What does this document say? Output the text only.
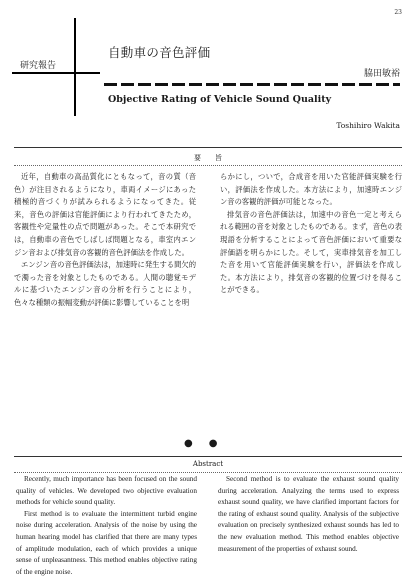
23
研究報告
自動車の音色評価
脇田敏裕
Objective Rating of Vehicle Sound Quality
Toshihiro Wakita
要　　旨

近年，自動車の高品質化にともなって，音の質（音色）が注目されるようになり，車両イメージにあった積極的音づくりが試みられるようになってきた。従来，音色の評価は官能評価により行われてきたため，客観性や定量性の点で問題があった。そこで本研究では，自動車の音色でしばしば問題となる，車室内エンジン音および排気音の客観的音色評価法を作成した。

エンジン音の音色評価法は，加速時に発生する間欠的で濁った音を対象としたものである。人間の聴覚モデルに基づいたエンジン音の分析を行うことにより，色々な種類の振幅変動が評価に影響していることを明

らかにし，ついで，合成音を用いた官能評価実験を行い，評価法を作成した。本方法により，加速時エンジン音の客観的評価が可能となった。

排気音の音色評価法は，加速中の音色一定と考えられる範囲の音を対象としたものである。まず，音色の表現語を分析することによって音色評価において重要な評価語を明らかにした。そして，実車排気音を加工した音を用いて官能評価実験を行い，評価法を作成した。本方法により，排気音の客観的位置づけを得ることができる。

●●
Abstract

Recently, much importance has been focused on the sound quality of vehicles. We developed two objective evaluation methods for vehicle sound quality.

First method is to evaluate the intermittent turbid engine noise during acceleration. Analysis of the noise by using the human hearing model has clarified that there are many types of amplitude modulation, each of which provides a unique sense of unpleasantness. This method enables objective rating of the engine noise.

Second method is to evaluate the exhaust sound quality during acceleration. Analyzing the terms used to express exhaust sound quality, we have clarified important factors for the rating of exhaust sound quality. Analysis of the subjective evaluation on precisely synthesized exhaust sounds has led to the new evaluation method. This method enables objective measurement of the properties of exhaust sound.
